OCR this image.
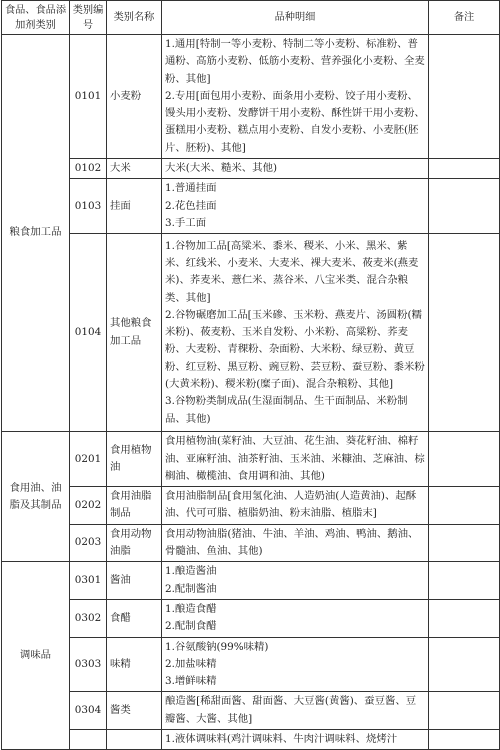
食品、食品添加剂类别	类别编号	类别名称	品种明细	备注
粮食加工品	0101	小麦粉	1.通用[特制一等小麦粉、特制二等小麦粉、标准粉、普通粉、高筋小麦粉、低筋小麦粉、营养强化小麦粉、全麦粉、其他]
2.专用[面包用小麦粉、面条用小麦粉、饺子用小麦粉、馒头用小麦粉、发酵饼干用小麦粉、酥性饼干用小麦粉、蛋糕用小麦粉、糕点用小麦粉、自发小麦粉、小麦胚(胚片、胚粉)、其他]	

	0102	大米	大米(大米、糙米、其他)	

	0103	挂面	1.普通挂面
2.花色挂面
3.手工面	

	0104	其他粮食加工品	1.谷物加工品[高粱米、黍米、稷米、小米、黑米、紫米、红线米、小麦米、大麦米、裸大麦米、莜麦米(燕麦米)、荞麦米、薏仁米、蒸谷米、八宝米类、混合杂粮类、其他]
2.谷物碾磨加工品[玉米碜、玉米粉、燕麦片、汤圆粉(糯米粉)、莜麦粉、玉米自发粉、小米粉、高粱粉、荞麦粉、大麦粉、青稞粉、杂面粉、大米粉、绿豆粉、黄豆粉、红豆粉、黑豆粉、豌豆粉、芸豆粉、蚕豆粉、黍米粉(大黄米粉)、稷米粉(糜子面)、混合杂粮粉、其他]
3.谷物粉类制成品(生湿面制品、生干面制品、米粉制品、其他)	

食用油、油脂及其制品	0201	食用植物油	食用植物油(菜籽油、大豆油、花生油、葵花籽油、棉籽油、亚麻籽油、油茶籽油、玉米油、米糠油、芝麻油、棕榈油、橄榄油、食用调和油、其他)	

	0202	食用油脂制品	食用油脂制品[食用氢化油、人造奶油(人造黄油)、起酥油、代可可脂、植脂奶油、粉末油脂、植脂末]	

	0203	食用动物油脂	食用动物油脂(猪油、牛油、羊油、鸡油、鸭油、鹅油、骨髓油、鱼油、其他)	

调味品	0301	酱油	1.酿造酱油
2.配制酱油	

	0302	食醋	1.酿造食醋
2.配制食醋	

	0303	味精	1.谷氨酸钠(99%味精)
2.加盐味精
3.增鲜味精	

	0304	酱类	酿造酱[稀甜面酱、甜面酱、大豆酱(黄酱)、蚕豆酱、豆瓣酱、大酱、其他]	

			1.液体调味料(鸡汁调味料、牛肉汁调味料、烧烤汁	
